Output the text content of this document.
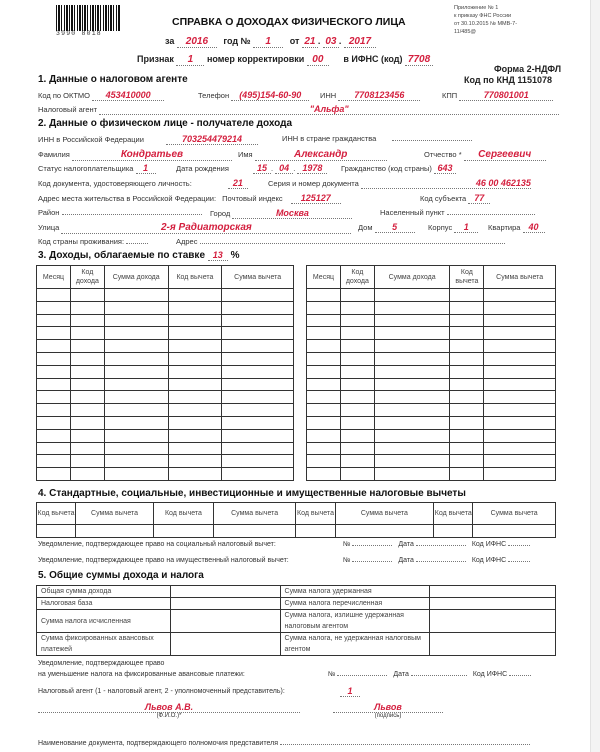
3990 8018
СПРАВКА О ДОХОДАХ ФИЗИЧЕСКОГО ЛИЦА
Приложение № 1
к приказу ФНС России
от 30.10.2015 № ММВ-7-
11/485@
за 2016 год № 1 от 21 . 03 . 2017
Признак 1 номер корректировки 00 в ИФНС (код) 7708
Форма 2-НДФЛ
Код по КНД 1151078
1. Данные о налоговом агенте
Код по ОКТМО 453410000	Телефон (495)154-60-90	ИНН 7708123456	КПП	770801001
Налоговый агент	"Альфа"
2. Данные о физическом лице - получателе дохода
ИНН в Российской Федерации	703254479214	ИНН в стране гражданства
Фамилия	Кондратьев	Имя	Александр	Отчество * Сергеевич
Статус налогоплательщика 1	Дата рождения	15 . 04 . 1978	Гражданство (код страны) 643
Код документа, удостоверяющего личность:	21	Серия и номер документа	46 00 462135
Адрес места жительства в Российской Федерации: Почтовый индекс 125127	Код субъекта 77
Район	Город	Москва	Населенный пункт
Улица	2-я Радиаторская	Дом 5	Корпус 1	Квартира 40
Код страны проживания:	Адрес
3. Доходы, облагаемые по ставке 13 %
Месяц	Код дохода	Сумма дохода	Код вычета	Сумма вычета

					Месяц	Код дохода	Сумма дохода	Код вычета	Сумма вычета

4. Стандартные, социальные, инвестиционные и имущественные налоговые вычеты
Код вычета	Сумма вычета	Код вычета	Сумма вычета	Код вычета	Сумма вычета	Код вычета	Сумма вычета

Уведомление, подтверждающее право на социальный налоговый вычет:	№	Дата	Код ИФНС
Уведомление, подтверждающее право на имущественный налоговый вычет:	№	Дата	Код ИФНС
5. Общие суммы дохода и налога
Общая сумма дохода		Сумма налога удержанная	
Налоговая база		Сумма налога перечисленная	
Сумма налога исчисленная		Сумма налога, излишне удержанная налоговым агентом	
Сумма фиксированных авансовых платежей		Сумма налога, не удержанная налоговым агентом	
Уведомление, подтверждающее право
на уменьшение налога на фиксированные авансовые платежи:	№	Дата	Код ИФНС
Налоговый агент (1 - налоговый агент, 2 - уполномоченный представитель):	1
Львов А.В.
(Ф.И.О.)*
Львов
(подпись)
Наименование документа, подтверждающего полномочия представителя
